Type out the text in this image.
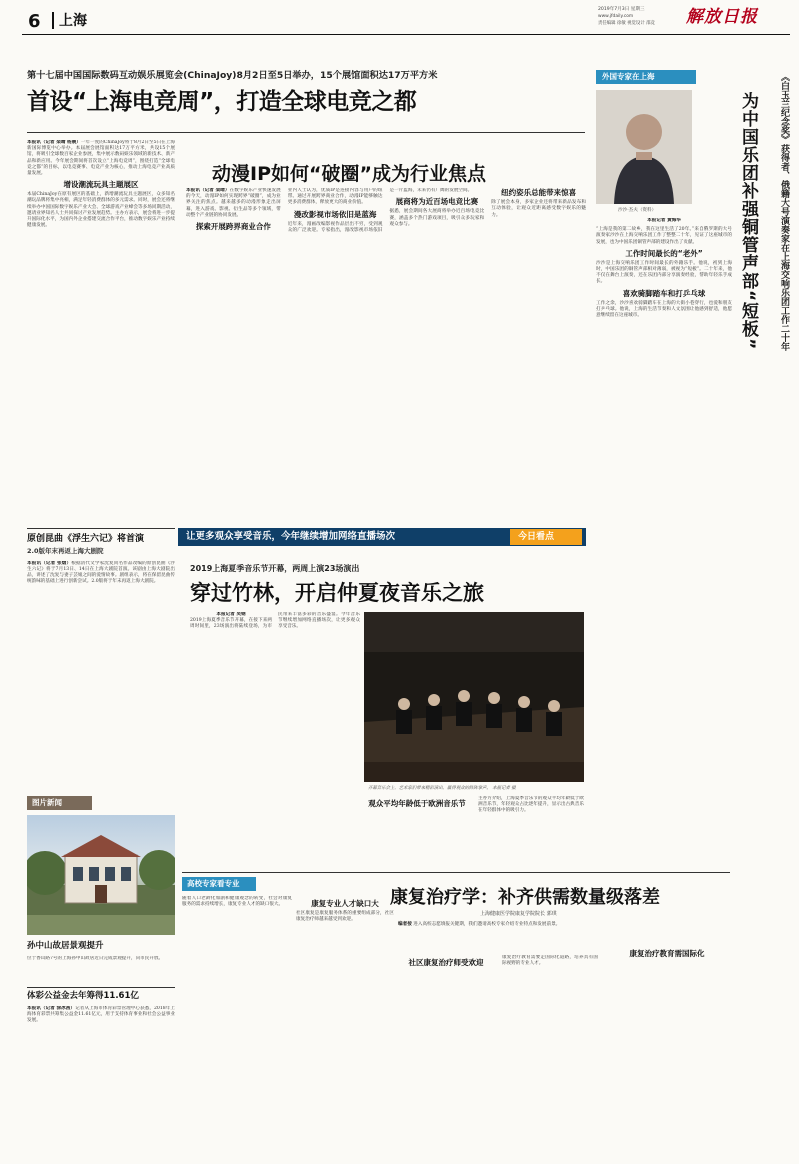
6 上海
2019年7月3日 星期三
www.jfdaily.com
责任编辑 徐敏 视觉设计 邵竞 解放日报
第十七届中国国际数码互动娱乐展览会(ChinaJoy)8月2日至5日举办，15个展馆面积达17万平方米
首设“上海电竞周”，打造全球电竞之都

本报讯（记者 栾晴 杨晨）一年一度的ChinaJoy将于8月2日至5日在上海新国际博览中心举办。本届展会展馆面积达17万平方米，共设15个展馆，将吸引全球数百家企业参展，集中展示数码娱乐领域的新技术、新产品和新应用。今年展会期间将首次设立“上海电竞周”，围绕打造“全球电竞之都”的目标，以电竞赛事、电竞产业为核心，推动上海电竞产业高质量发展。

增设潮流玩具主题展区

本届ChinaJoy在原有展区的基础上，新增潮流玩具主题展区，众多知名潮玩品牌将集中亮相，满足年轻消费群体的多元需求。同时，展会还将继续举办中国国际数字娱乐产业大会、全球游戏产业峰会等多场同期活动，邀请业界知名人士共同探讨产业发展趋势。主办方表示，展会将进一步提升国际化水平，为国内外企业搭建交流合作平台，推动数字娱乐产业持续健康发展。

动漫IP如何“破圈”成为行业焦点

本报讯（记者 栾晴）在数字娱乐产业快速发展的今天，动漫IP如何实现跨界“破圈”，成为业界关注的焦点。越来越多的动漫形象走出屏幕，进入游戏、影视、衍生品等多个领域，带动整个产业链的协同发展。

探索开展跨界商业合作

业内人士认为，优质IP是连接内容与用户的纽带。通过开展跨界商业合作，动漫IP能够触达更多消费群体，释放更大的商业价值。

漫改影视市场依旧是蓝海

近年来，漫画改编影视作品层出不穷，受到观众的广泛欢迎。专家指出，漫改影视市场依旧是一片蓝海，未来仍有广阔的发展空间。

展商将为近百场电竞比赛

据悉，展会期间各大展商将举办近百场电竞比赛，涵盖多个热门游戏项目，吸引众多玩家和观众参与。

纽约姿乐总能带来惊喜

除了展会本身，多家企业还将带来新品发布和互动体验，让观众近距离感受数字娱乐的魅力。

原创昆曲《浮生六记》将首演
2.0版年末再返上海大剧院

本报讯（记者 张熠）根据清代文学家沈复同名作品改编的原创昆曲《浮生六记》将于7月13日、14日在上海大剧院首演。该剧由上海大剧院出品，讲述了沈复与妻子芸娘之间的爱情故事。剧组表示，将在保留昆曲传统韵味的基础上进行创新尝试。2.0版将于年末再返上海大剧院。

图片新闻
孙中山故居景观提升
位于香山路7号的上海孙中山故居近日完成景观提升，向市民开放。
体彩公益金去年筹得11.61亿

本报讯（记者 涂冰茜）记者从上海市体育彩票管理中心获悉，2018年上海体育彩票共筹集公益金11.61亿元，用于支持体育事业和社会公益事业发展。

外国专家在上海
沙沙·杰夫（资料）	为中国乐团补强铜管声部“短板”	《白玉兰纪念奖》获得者、俄籍大号演奏家在上海交响乐团工作二十年

本报记者 黄海华

“上海是我的第二故乡，我在这里生活了20年。”来自俄罗斯的大号演奏家沙沙在上海交响乐团工作了整整二十年，见证了这座城市的发展，也为中国乐团铜管声部的建设作出了贡献。

工作时间最长的“老外”

沙沙是上海交响乐团工作时间最长的外籍乐手。他说，初到上海时，中国乐团的铜管声部相对薄弱，被视为“短板”。二十年来，他不仅在舞台上演奏，还在乐团内部分享演奏经验，帮助年轻乐手成长。

喜欢骑脚踏车和打乒乓球

工作之余，沙沙喜欢骑脚踏车在上海的大街小巷穿行，也爱和朋友打乒乓球。他说，上海的生活节奏和人文氛围让他感到舒适，他愿意继续留在这座城市。

让更多观众享受音乐，今年继续增加网络直播场次	今日看点
2019上海夏季音乐节开幕，两周上演23场演出
穿过竹林，开启仲夏夜音乐之旅

本报记者 吴钢

2019上海夏季音乐节开幕，在接下来两周时间里，23场演出将陆续登场，为市民带来丰富多彩的音乐盛宴。今年音乐节继续增加网络直播场次，让更多观众享受音乐。

开幕音乐会上，艺术家们带来精彩演出，赢得观众的阵阵掌声。 本报记者 摄
观众平均年龄低于欧洲音乐节

主办方介绍，上海夏季音乐节的观众平均年龄低于欧洲音乐节，年轻观众占比逐年提升，显示出古典音乐在年轻群体中的吸引力。

高校专家看专业
康复治疗学：补齐供需数量级落差
上海健康医学院康复学院院长 郭琪
编者按 进入高校志愿填报关键期，我们邀请高校专家介绍专业特点和发展前景。

随着人口老龄化加剧和健康观念的转变，社会对康复服务的需求持续增长，康复专业人才的缺口很大。	康复专业人才缺口大

社区康复是康复服务体系的重要组成部分，社区康复治疗师越来越受到欢迎。

社区康复治疗师受欢迎

康复治疗教育需要走国际化道路，培养具有国际视野的专业人才。

康复治疗教育需国际化
